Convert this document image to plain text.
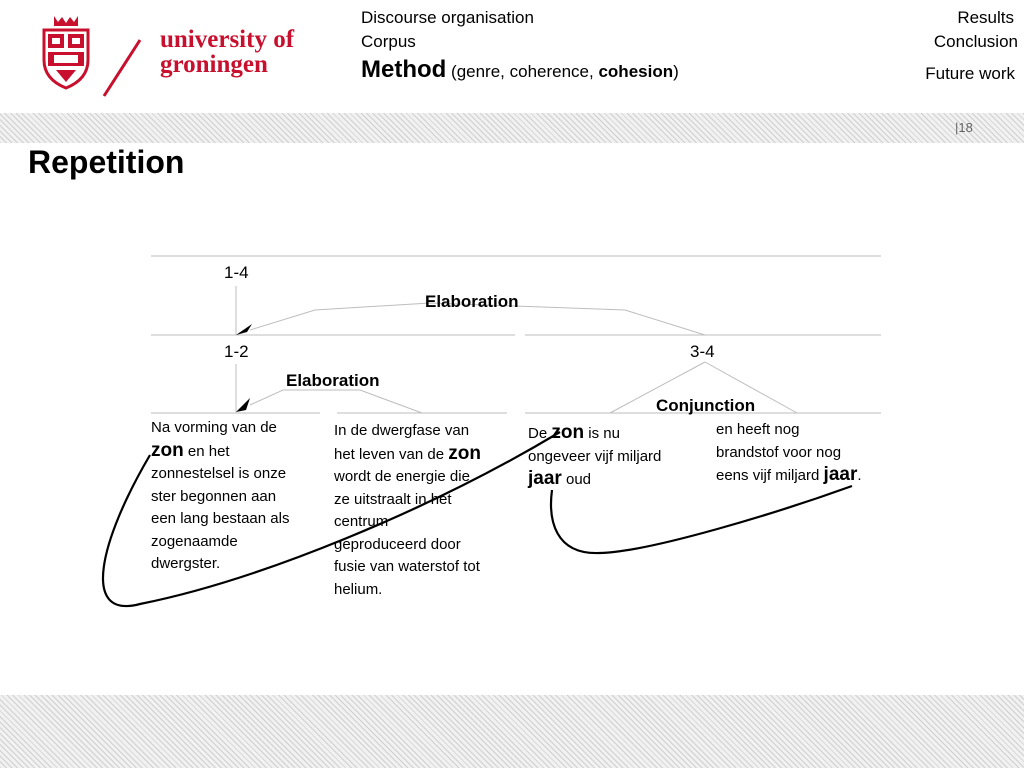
university of
groningen
Discourse organisation
Corpus
Method (genre, coherence, cohesion)
Results
Conclusion
Future work
|18
Repetition
1-4
Elaboration
1-2	3-4
Elaboration
Conjunction
Na vorming van de
zon en het
zonnestelsel is onze
ster begonnen aan
een lang bestaan als
zogenaamde
dwergster.
In de dwergfase van
het leven van de zon
wordt de energie die
ze uitstraalt in het
centrum
geproduceerd door
fusie van waterstof tot
helium.
De zon is nu
ongeveer vijf miljard
jaar oud
en heeft nog
brandstof voor nog
eens vijf miljard jaar.
